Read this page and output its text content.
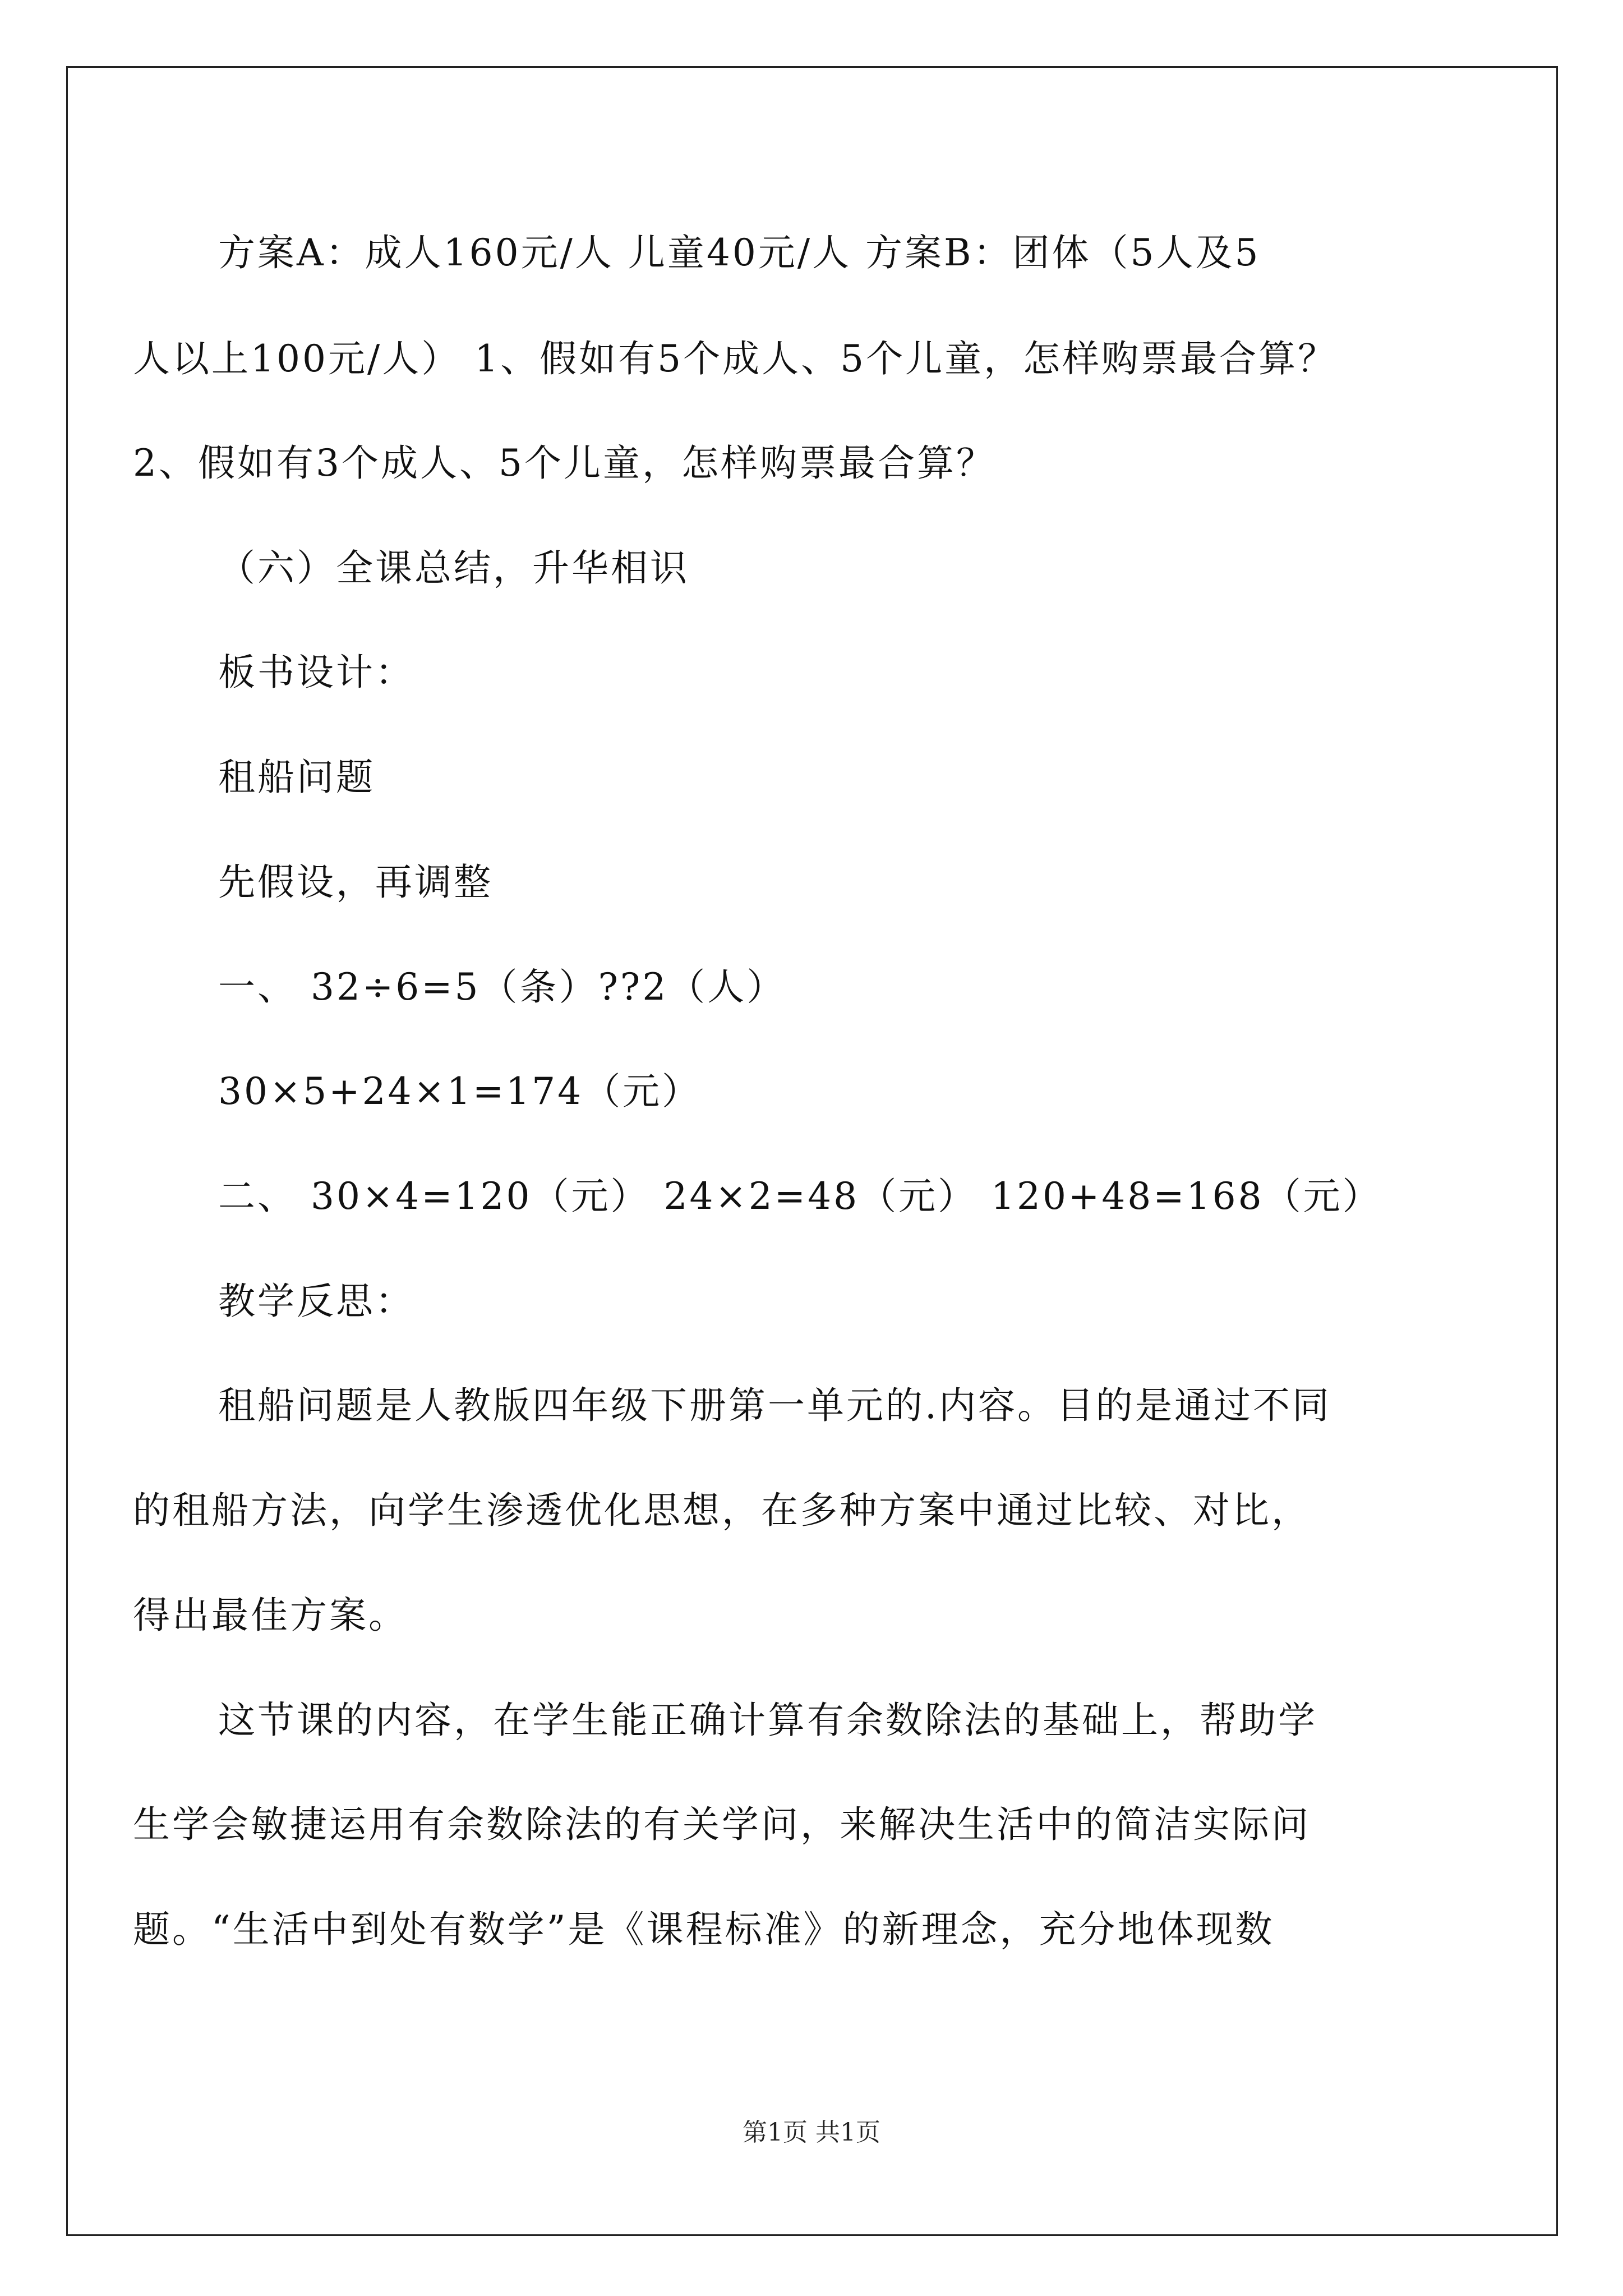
方案A：成人160元/人 儿童40元/人 方案B：团体（5人及5
人以上100元/人） 1、假如有5个成人、5个儿童，怎样购票最合算？
2、假如有3个成人、5个儿童，怎样购票最合算？
（六）全课总结，升华相识
板书设计：
租船问题
先假设，再调整
一、 32÷6=5（条）??2（人）
30×5+24×1=174（元）
二、 30×4=120（元） 24×2=48（元） 120+48=168（元）
教学反思：
租船问题是人教版四年级下册第一单元的.内容。目的是通过不同
的租船方法，向学生渗透优化思想，在多种方案中通过比较、对比，
得出最佳方案。
这节课的内容，在学生能正确计算有余数除法的基础上，帮助学
生学会敏捷运用有余数除法的有关学问，来解决生活中的简洁实际问
题。“生活中到处有数学”是《课程标准》的新理念，充分地体现数
第1页 共1页
